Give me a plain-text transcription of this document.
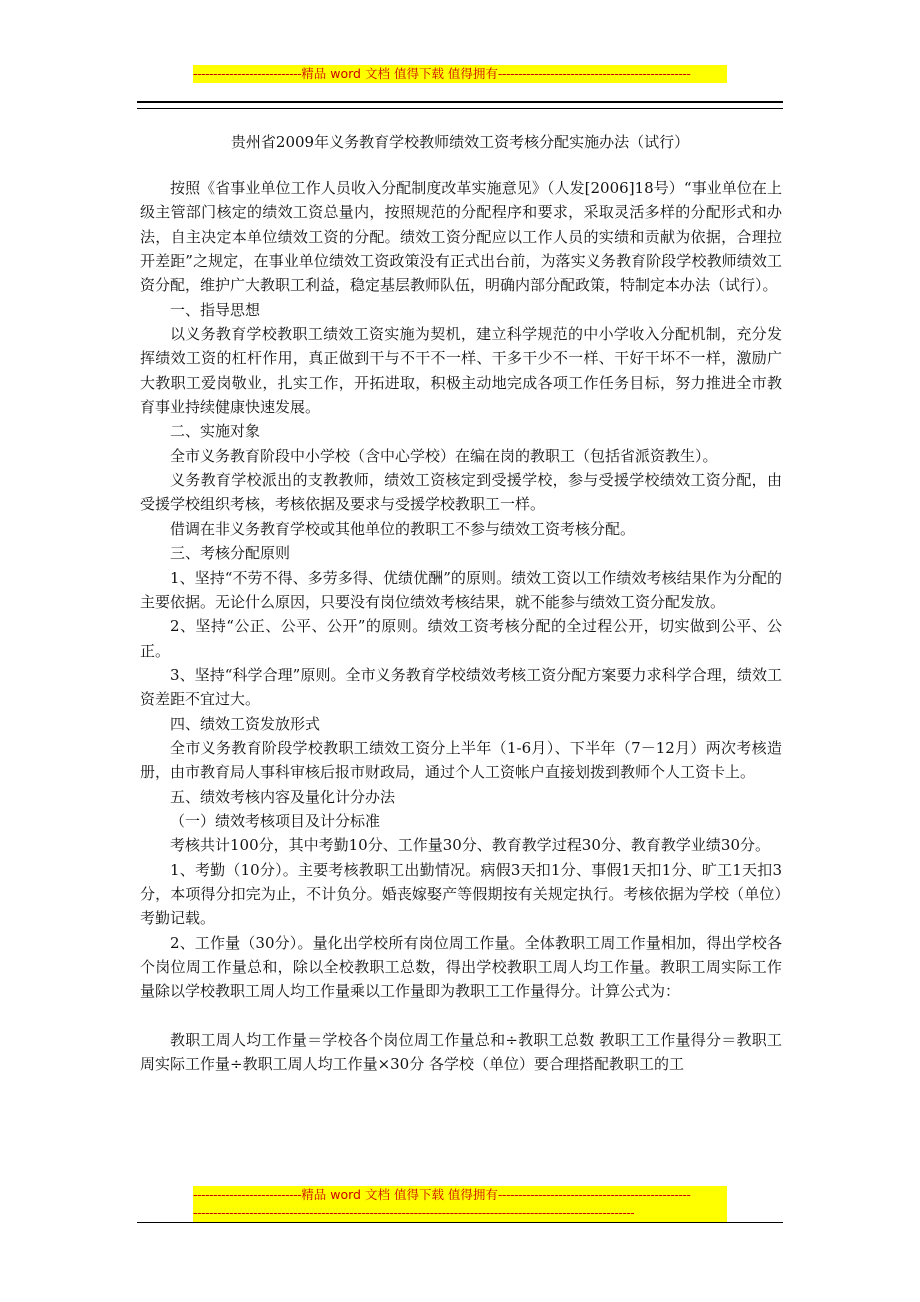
---------------------------精品 word 文档 值得下载 值得拥有------------------------------------------------
贵州省2009年义务教育学校教师绩效工资考核分配实施办法（试行）

按照《省事业单位工作人员收入分配制度改革实施意见》（人发[2006]18号）“事业单位在上级主管部门核定的绩效工资总量内，按照规范的分配程序和要求，采取灵活多样的分配形式和办法，自主决定本单位绩效工资的分配。绩效工资分配应以工作人员的实绩和贡献为依据，合理拉开差距”之规定，在事业单位绩效工资政策没有正式出台前，为落实义务教育阶段学校教师绩效工资分配，维护广大教职工利益，稳定基层教师队伍，明确内部分配政策，特制定本办法（试行）。

一、指导思想

以义务教育学校教职工绩效工资实施为契机，建立科学规范的中小学收入分配机制，充分发挥绩效工资的杠杆作用，真正做到干与不干不一样、干多干少不一样、干好干坏不一样，激励广大教职工爱岗敬业，扎实工作，开拓进取，积极主动地完成各项工作任务目标，努力推进全市教育事业持续健康快速发展。

二、实施对象

全市义务教育阶段中小学校（含中心学校）在编在岗的教职工（包括省派资教生）。

义务教育学校派出的支教教师，绩效工资核定到受援学校，参与受援学校绩效工资分配，由受援学校组织考核，考核依据及要求与受援学校教职工一样。

借调在非义务教育学校或其他单位的教职工不参与绩效工资考核分配。

三、考核分配原则

1、坚持“不劳不得、多劳多得、优绩优酬”的原则。绩效工资以工作绩效考核结果作为分配的主要依据。无论什么原因，只要没有岗位绩效考核结果，就不能参与绩效工资分配发放。

2、坚持“公正、公平、公开”的原则。绩效工资考核分配的全过程公开，切实做到公平、公正。

3、坚持“科学合理”原则。全市义务教育学校绩效考核工资分配方案要力求科学合理，绩效工资差距不宜过大。

四、绩效工资发放形式

全市义务教育阶段学校教职工绩效工资分上半年（1-6月）、下半年（7－12月）两次考核造册，由市教育局人事科审核后报市财政局，通过个人工资帐户直接划拨到教师个人工资卡上。

五、绩效考核内容及量化计分办法

（一）绩效考核项目及计分标准

考核共计100分，其中考勤10分、工作量30分、教育教学过程30分、教育教学业绩30分。

1、考勤（10分）。主要考核教职工出勤情况。病假3天扣1分、事假1天扣1分、旷工1天扣3分，本项得分扣完为止，不计负分。婚丧嫁娶产等假期按有关规定执行。考核依据为学校（单位）考勤记载。

2、工作量（30分）。量化出学校所有岗位周工作量。全体教职工周工作量相加，得出学校各个岗位周工作量总和，除以全校教职工总数，得出学校教职工周人均工作量。教职工周实际工作量除以学校教职工周人均工作量乘以工作量即为教职工工作量得分。计算公式为：

教职工周人均工作量＝学校各个岗位周工作量总和÷教职工总数 教职工工作量得分＝教职工周实际工作量÷教职工周人均工作量×30分 各学校（单位）要合理搭配教职工的工

---------------------------精品 word 文档 值得下载 值得拥有------------------------------------------------
--------------------------------------------------------------------------------------------------------------
